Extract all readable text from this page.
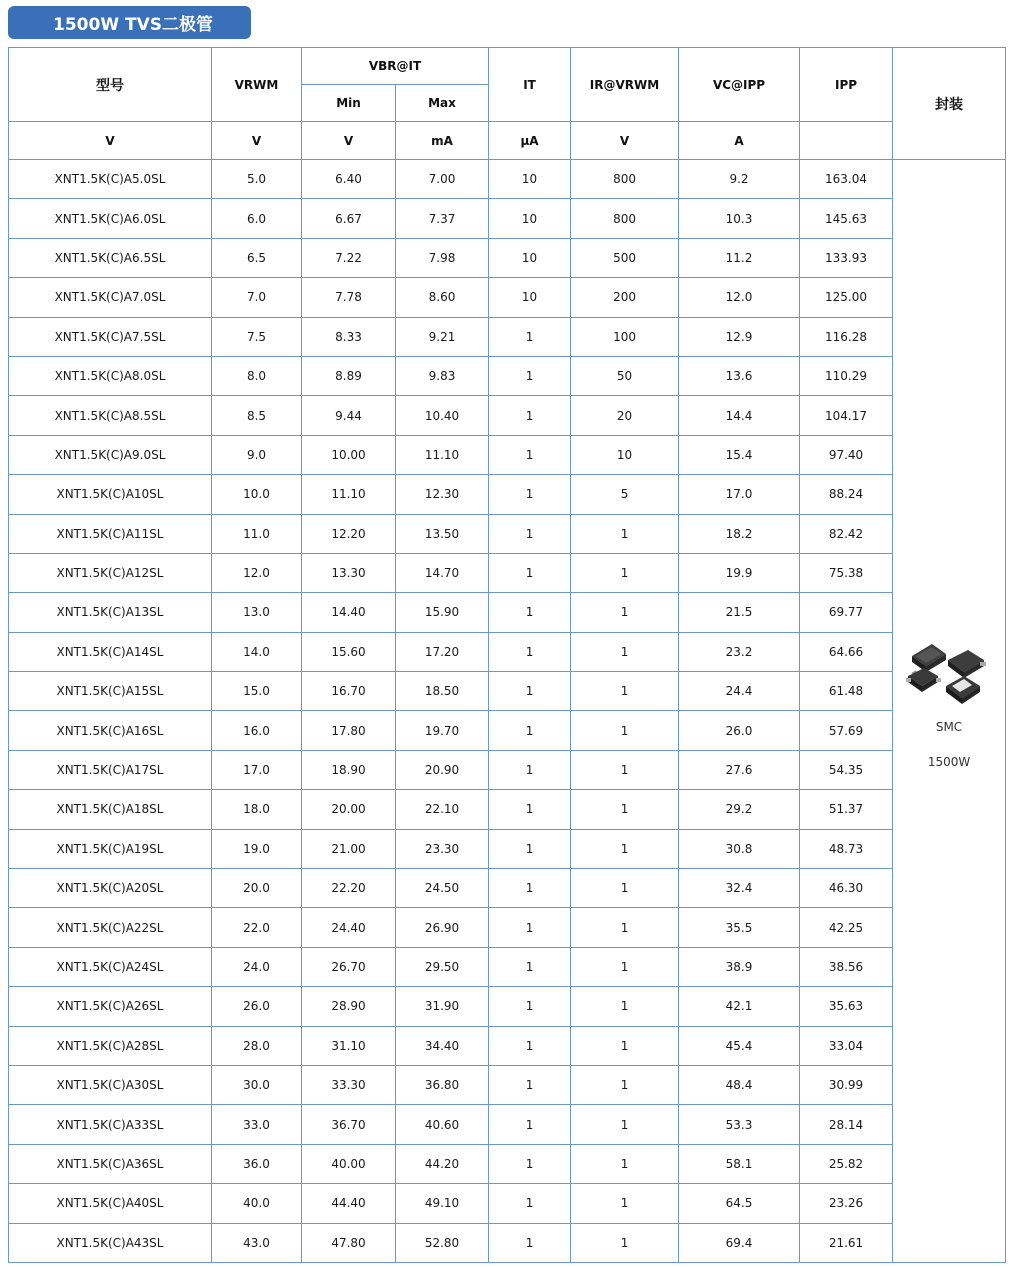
1500W TVS二极管
型号	VRWM	VBR@IT		IT	IR@VRWM	VC@IPP	IPP	封装
		Min	Max					
V	V	V	mA	µA	V	A		
XNT1.5K(C)A5.0SL	5.0	6.40	7.00	10	800	9.2	163.04	SMC
1500W

XNT1.5K(C)A6.0SL	6.0	6.67	7.37	10	800	10.3	145.63	
XNT1.5K(C)A6.5SL	6.5	7.22	7.98	10	500	11.2	133.93	
XNT1.5K(C)A7.0SL	7.0	7.78	8.60	10	200	12.0	125.00	
XNT1.5K(C)A7.5SL	7.5	8.33	9.21	1	100	12.9	116.28	
XNT1.5K(C)A8.0SL	8.0	8.89	9.83	1	50	13.6	110.29	
XNT1.5K(C)A8.5SL	8.5	9.44	10.40	1	20	14.4	104.17	
XNT1.5K(C)A9.0SL	9.0	10.00	11.10	1	10	15.4	97.40	
XNT1.5K(C)A10SL	10.0	11.10	12.30	1	5	17.0	88.24	
XNT1.5K(C)A11SL	11.0	12.20	13.50	1	1	18.2	82.42	
XNT1.5K(C)A12SL	12.0	13.30	14.70	1	1	19.9	75.38	
XNT1.5K(C)A13SL	13.0	14.40	15.90	1	1	21.5	69.77	
XNT1.5K(C)A14SL	14.0	15.60	17.20	1	1	23.2	64.66	
XNT1.5K(C)A15SL	15.0	16.70	18.50	1	1	24.4	61.48	
XNT1.5K(C)A16SL	16.0	17.80	19.70	1	1	26.0	57.69	
XNT1.5K(C)A17SL	17.0	18.90	20.90	1	1	27.6	54.35	
XNT1.5K(C)A18SL	18.0	20.00	22.10	1	1	29.2	51.37	
XNT1.5K(C)A19SL	19.0	21.00	23.30	1	1	30.8	48.73	
XNT1.5K(C)A20SL	20.0	22.20	24.50	1	1	32.4	46.30	
XNT1.5K(C)A22SL	22.0	24.40	26.90	1	1	35.5	42.25	
XNT1.5K(C)A24SL	24.0	26.70	29.50	1	1	38.9	38.56	
XNT1.5K(C)A26SL	26.0	28.90	31.90	1	1	42.1	35.63	
XNT1.5K(C)A28SL	28.0	31.10	34.40	1	1	45.4	33.04	
XNT1.5K(C)A30SL	30.0	33.30	36.80	1	1	48.4	30.99	
XNT1.5K(C)A33SL	33.0	36.70	40.60	1	1	53.3	28.14	
XNT1.5K(C)A36SL	36.0	40.00	44.20	1	1	58.1	25.82	
XNT1.5K(C)A40SL	40.0	44.40	49.10	1	1	64.5	23.26	
XNT1.5K(C)A43SL	43.0	47.80	52.80	1	1	69.4	21.61	
